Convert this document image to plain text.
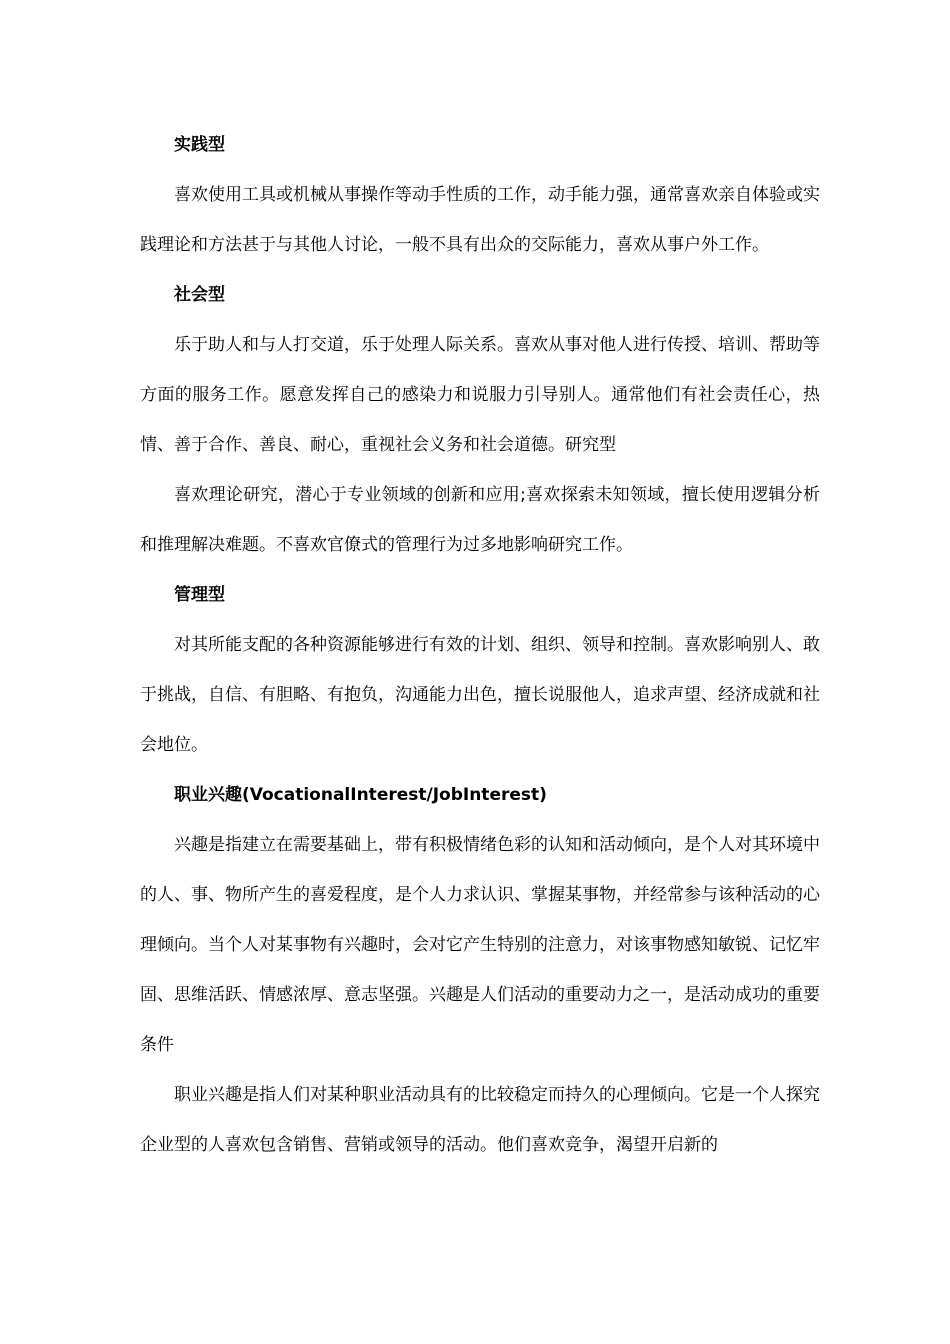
实践型

喜欢使用工具或机械从事操作等动手性质的工作，动手能力强，通常喜欢亲自体验或实践理论和方法甚于与其他人讨论，一般不具有出众的交际能力，喜欢从事户外工作。

社会型

乐于助人和与人打交道，乐于处理人际关系。喜欢从事对他人进行传授、培训、帮助等方面的服务工作。愿意发挥自己的感染力和说服力引导别人。通常他们有社会责任心，热情、善于合作、善良、耐心，重视社会义务和社会道德。研究型

喜欢理论研究，潜心于专业领域的创新和应用;喜欢探索未知领域，擅长使用逻辑分析和推理解决难题。不喜欢官僚式的管理行为过多地影响研究工作。

管理型

对其所能支配的各种资源能够进行有效的计划、组织、领导和控制。喜欢影响别人、敢于挑战，自信、有胆略、有抱负，沟通能力出色，擅长说服他人，追求声望、经济成就和社会地位。

职业兴趣(VocationalInterest/JobInterest)

兴趣是指建立在需要基础上，带有积极情绪色彩的认知和活动倾向，是个人对其环境中的人、事、物所产生的喜爱程度，是个人力求认识、掌握某事物，并经常参与该种活动的心理倾向。当个人对某事物有兴趣时，会对它产生特别的注意力，对该事物感知敏锐、记忆牢固、思维活跃、情感浓厚、意志坚强。兴趣是人们活动的重要动力之一，是活动成功的重要条件

职业兴趣是指人们对某种职业活动具有的比较稳定而持久的心理倾向。它是一个人探究企业型的人喜欢包含销售、营销或领导的活动。他们喜欢竞争，渴望开启新的
